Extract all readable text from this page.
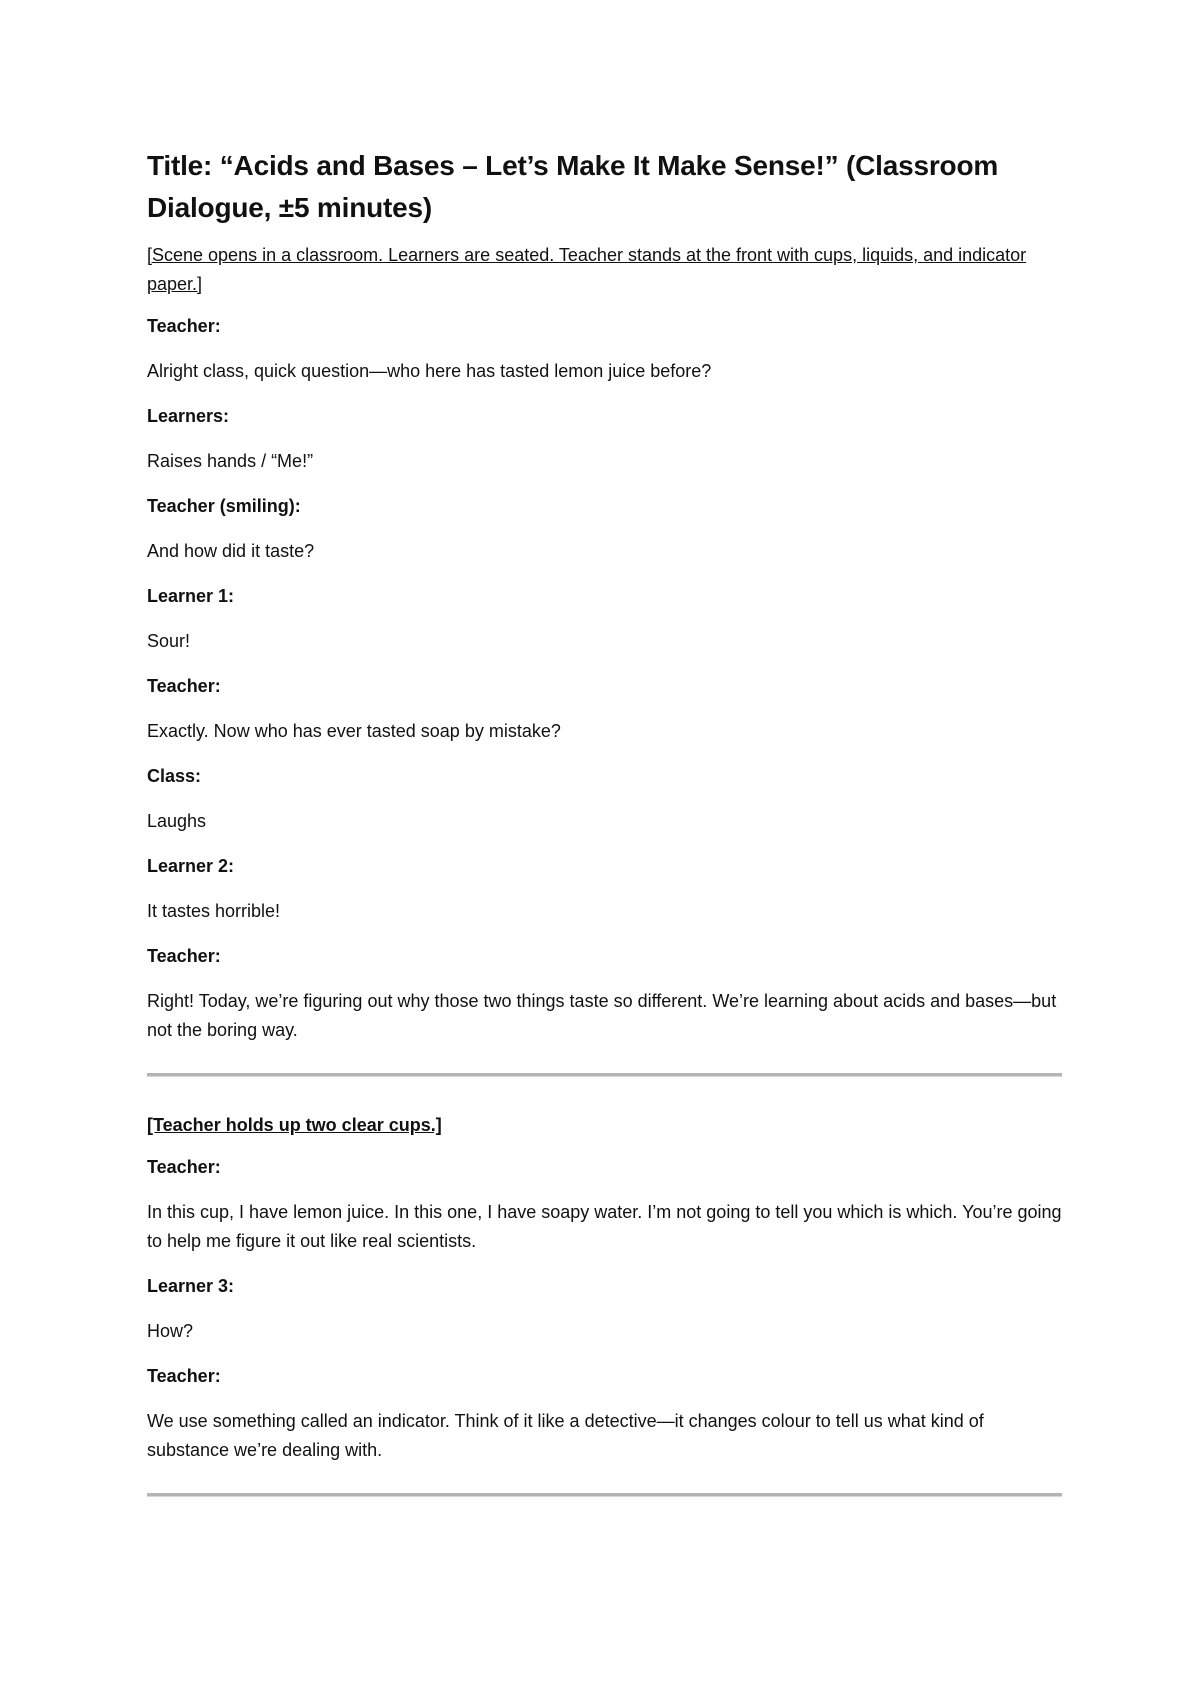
Title: “Acids and Bases – Let’s Make It Make Sense!” (Classroom Dialogue, ±5 minutes)

[Scene opens in a classroom. Learners are seated. Teacher stands at the front with cups, liquids, and indicator paper.]

Teacher:

Alright class, quick question—who here has tasted lemon juice before?

Learners:

Raises hands / “Me!”

Teacher (smiling):

And how did it taste?

Learner 1:

Sour!

Teacher:

Exactly. Now who has ever tasted soap by mistake?

Class:

Laughs

Learner 2:

It tastes horrible!

Teacher:

Right! Today, we’re figuring out why those two things taste so different. We’re learning about acids and bases—but not the boring way.

[Teacher holds up two clear cups.]

Teacher:

In this cup, I have lemon juice. In this one, I have soapy water. I’m not going to tell you which is which. You’re going to help me figure it out like real scientists.

Learner 3:

How?

Teacher:

We use something called an indicator. Think of it like a detective—it changes colour to tell us what kind of substance we’re dealing with.
